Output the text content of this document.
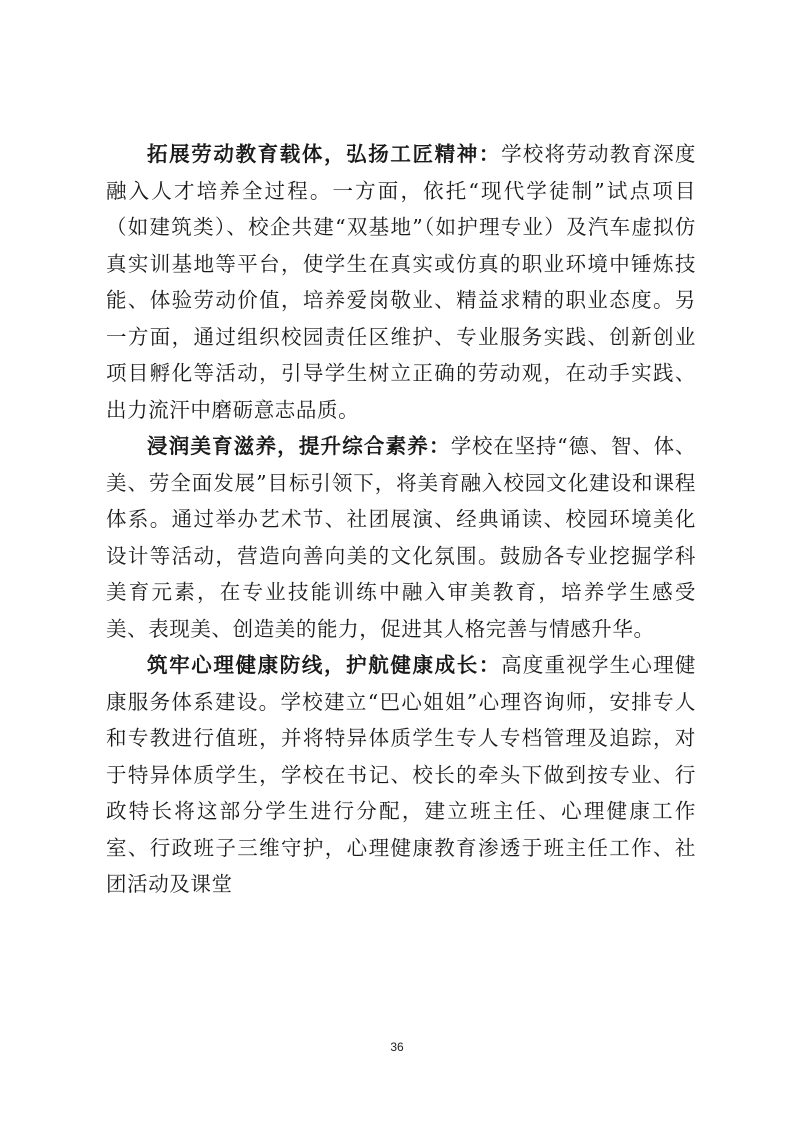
拓展劳动教育载体，弘扬工匠精神：学校将劳动教育深度融入人才培养全过程。一方面，依托“现代学徒制”试点项目（如建筑类）、校企共建“双基地”（如护理专业）及汽车虚拟仿真实训基地等平台，使学生在真实或仿真的职业环境中锤炼技能、体验劳动价值，培养爱岗敬业、精益求精的职业态度。另一方面，通过组织校园责任区维护、专业服务实践、创新创业项目孵化等活动，引导学生树立正确的劳动观，在动手实践、出力流汗中磨砺意志品质。

浸润美育滋养，提升综合素养：学校在坚持“德、智、体、美、劳全面发展”目标引领下，将美育融入校园文化建设和课程体系。通过举办艺术节、社团展演、经典诵读、校园环境美化设计等活动，营造向善向美的文化氛围。鼓励各专业挖掘学科美育元素，在专业技能训练中融入审美教育，培养学生感受美、表现美、创造美的能力，促进其人格完善与情感升华。

筑牢心理健康防线，护航健康成长：高度重视学生心理健康服务体系建设。学校建立“巴心姐姐”心理咨询师，安排专人和专教进行值班，并将特异体质学生专人专档管理及追踪，对于特异体质学生，学校在书记、校长的牵头下做到按专业、行政特长将这部分学生进行分配，建立班主任、心理健康工作室、行政班子三维守护，心理健康教育渗透于班主任工作、社团活动及课堂

36
